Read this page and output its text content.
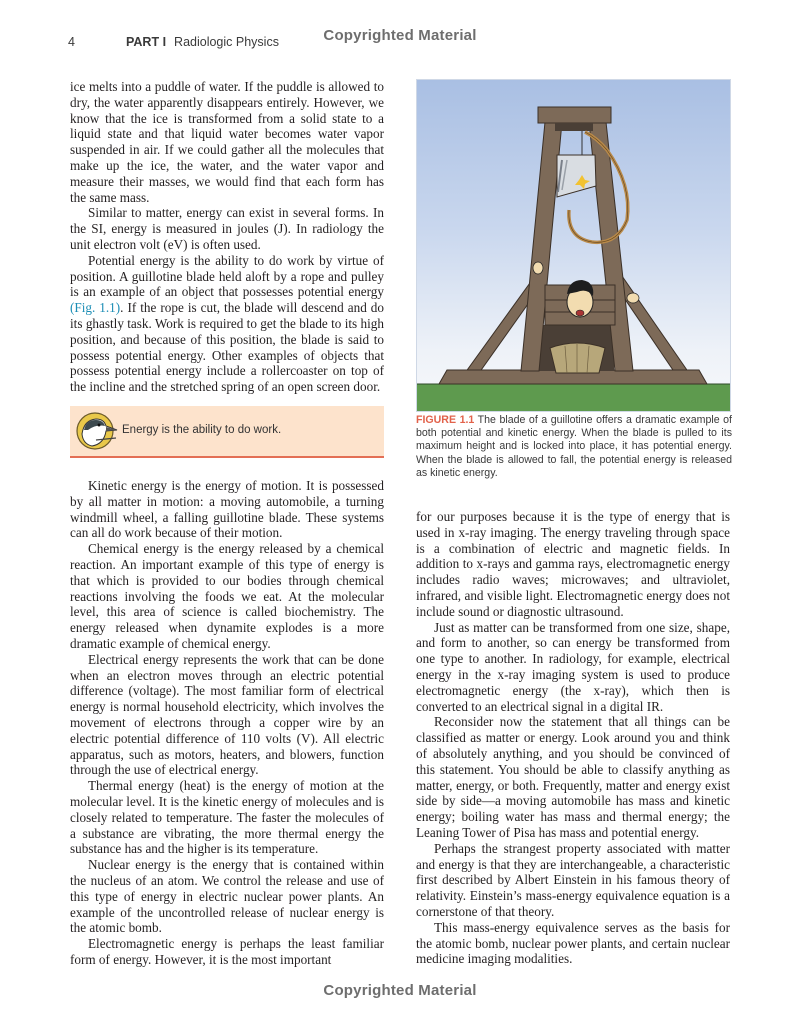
Copyrighted Material
4	PART I Radiologic Physics

ice melts into a puddle of water. If the puddle is allowed to dry, the water apparently disappears entirely. However, we know that the ice is transformed from a solid state to a liquid state and that liquid water becomes water vapor suspended in air. If we could gather all the molecules that make up the ice, the water, and the water vapor and measure their masses, we would find that each form has the same mass.

Similar to matter, energy can exist in several forms. In the SI, energy is measured in joules (J). In radiology the unit electron volt (eV) is often used.

Potential energy is the ability to do work by virtue of position. A guillotine blade held aloft by a rope and pulley is an example of an object that possesses potential energy (Fig. 1.1). If the rope is cut, the blade will descend and do its ghastly task. Work is required to get the blade to its high position, and because of this position, the blade is said to possess potential energy. Other examples of objects that possess potential energy include a rollercoaster on top of the incline and the stretched spring of an open screen door.

Energy is the ability to do work.

Kinetic energy is the energy of motion. It is possessed by all matter in motion: a moving automobile, a turning windmill wheel, a falling guillotine blade. These systems can all do work because of their motion.

Chemical energy is the energy released by a chemical reaction. An important example of this type of energy is that which is provided to our bodies through chemical reactions involving the foods we eat. At the molecular level, this area of science is called biochemistry. The energy released when dynamite explodes is a more dramatic example of chemical energy.

Electrical energy represents the work that can be done when an electron moves through an electric potential difference (voltage). The most familiar form of electrical energy is normal household electricity, which involves the movement of electrons through a copper wire by an electric potential difference of 110 volts (V). All electric apparatus, such as motors, heaters, and blowers, function through the use of electrical energy.

Thermal energy (heat) is the energy of motion at the molecular level. It is the kinetic energy of molecules and is closely related to temperature. The faster the molecules of a substance are vibrating, the more thermal energy the substance has and the higher is its temperature.

Nuclear energy is the energy that is contained within the nucleus of an atom. We control the release and use of this type of energy in electric nuclear power plants. An example of the uncontrolled release of nuclear energy is the atomic bomb.

Electromagnetic energy is perhaps the least familiar form of energy. However, it is the most important

FIGURE 1.1 The blade of a guillotine offers a dramatic example of both potential and kinetic energy. When the blade is pulled to its maximum height and is locked into place, it has potential energy. When the blade is allowed to fall, the potential energy is released as kinetic energy.

for our purposes because it is the type of energy that is used in x-ray imaging. The energy traveling through space is a combination of electric and magnetic fields. In addition to x-rays and gamma rays, electromagnetic energy includes radio waves; microwaves; and ultraviolet, infrared, and visible light. Electromagnetic energy does not include sound or diagnostic ultrasound.

Just as matter can be transformed from one size, shape, and form to another, so can energy be transformed from one type to another. In radiology, for example, electrical energy in the x-ray imaging system is used to produce electromagnetic energy (the x-ray), which then is converted to an electrical signal in a digital IR.

Reconsider now the statement that all things can be classified as matter or energy. Look around you and think of absolutely anything, and you should be convinced of this statement. You should be able to classify anything as matter, energy, or both. Frequently, matter and energy exist side by side—a moving automobile has mass and kinetic energy; boiling water has mass and thermal energy; the Leaning Tower of Pisa has mass and potential energy.

Perhaps the strangest property associated with matter and energy is that they are interchangeable, a characteristic first described by Albert Einstein in his famous theory of relativity. Einstein’s mass-energy equivalence equation is a cornerstone of that theory.

This mass-energy equivalence serves as the basis for the atomic bomb, nuclear power plants, and certain nuclear medicine imaging modalities.

Copyrighted Material
